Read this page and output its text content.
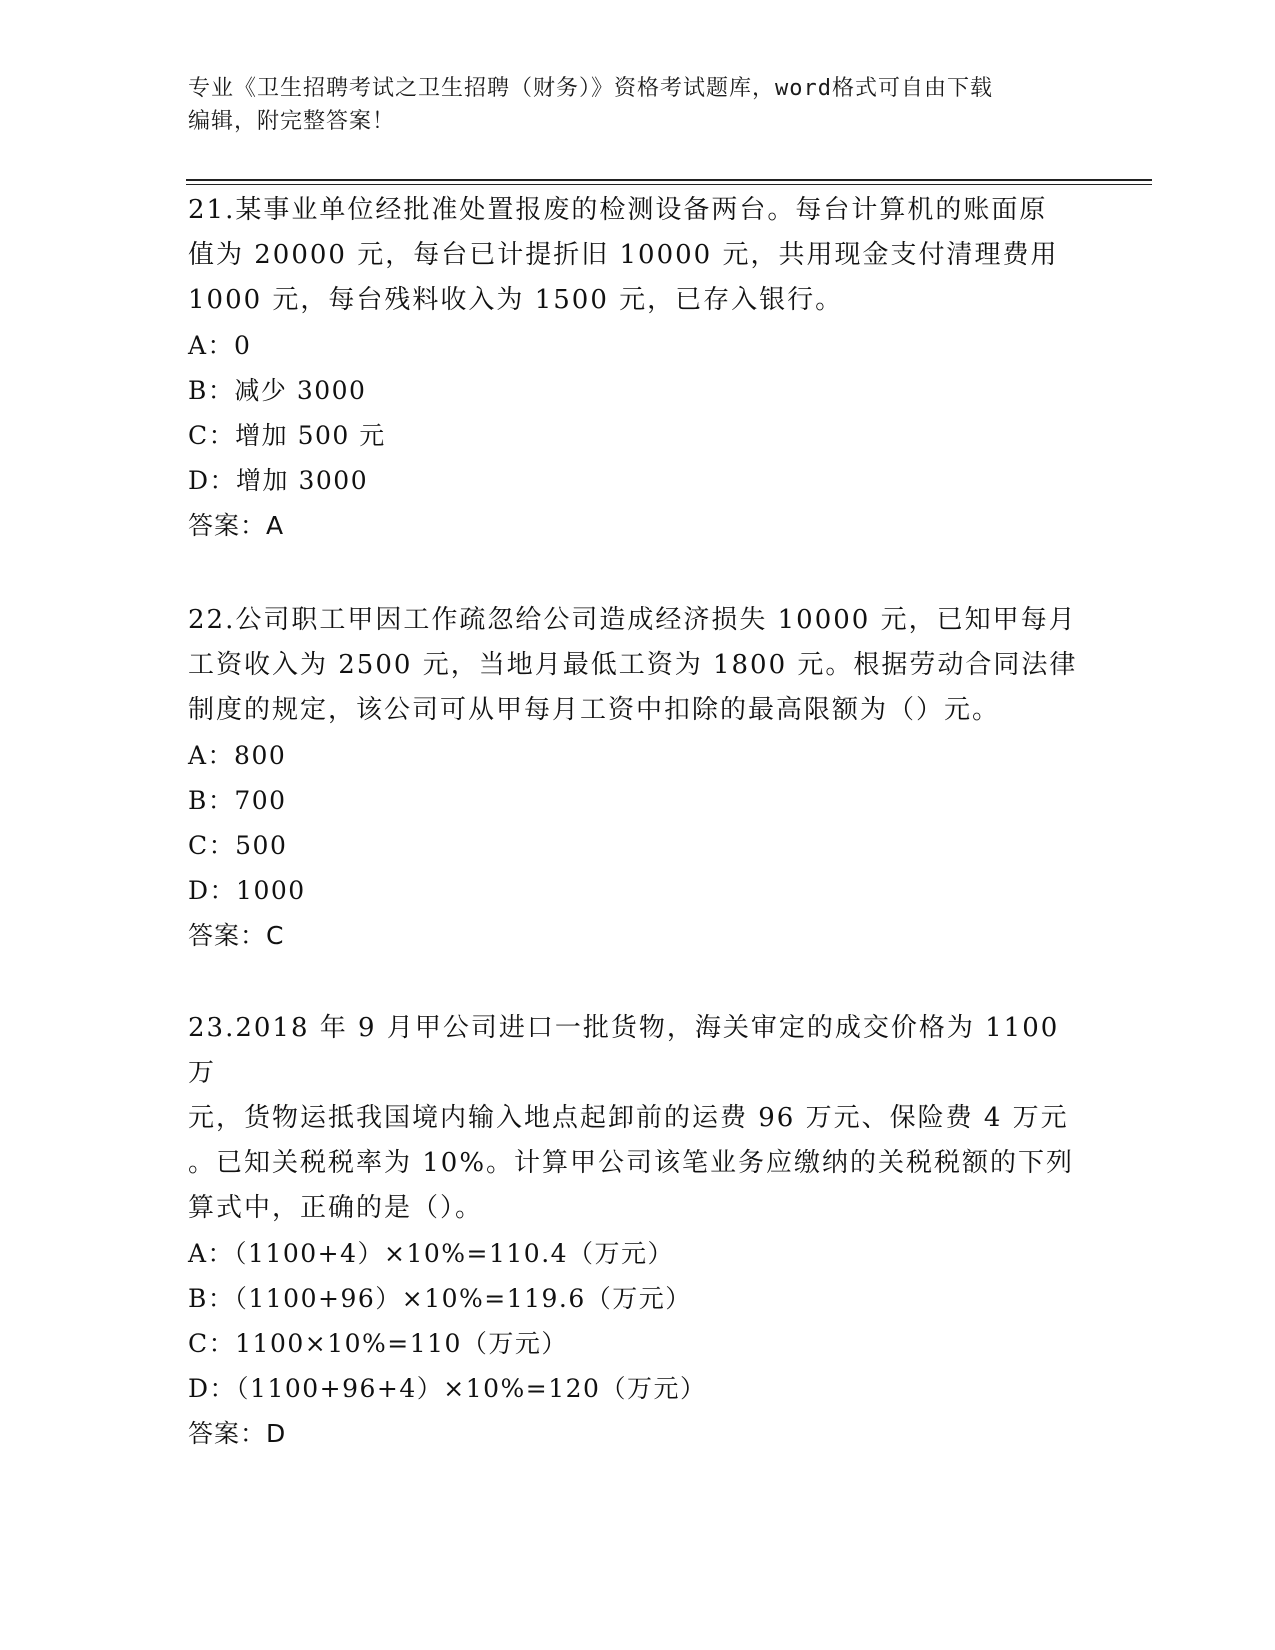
专业《卫生招聘考试之卫生招聘（财务）》资格考试题库，word格式可自由下载
编辑，附完整答案！

21.某事业单位经批准处置报废的检测设备两台。每台计算机的账面原

值为 20000 元，每台已计提折旧 10000 元，共用现金支付清理费用

1000 元，每台残料收入为 1500 元，已存入银行。

A：0

B：减少 3000

C：增加 500 元

D：增加 3000

答案：A

22.公司职工甲因工作疏忽给公司造成经济损失 10000 元，已知甲每月

工资收入为 2500 元，当地月最低工资为 1800 元。根据劳动合同法律

制度的规定，该公司可从甲每月工资中扣除的最高限额为（）元。

A：800

B：700

C：500

D：1000

答案：C

23.2018 年 9 月甲公司进口一批货物，海关审定的成交价格为 1100 万

元，货物运抵我国境内输入地点起卸前的运费 96 万元、保险费 4 万元

。已知关税税率为 10%。计算甲公司该笔业务应缴纳的关税税额的下列

算式中，正确的是（）。

A：（1100+4）×10%=110.4（万元）

B：（1100+96）×10%=119.6（万元）

C：1100×10%=110（万元）

D：（1100+96+4）×10%=120（万元）

答案：D
